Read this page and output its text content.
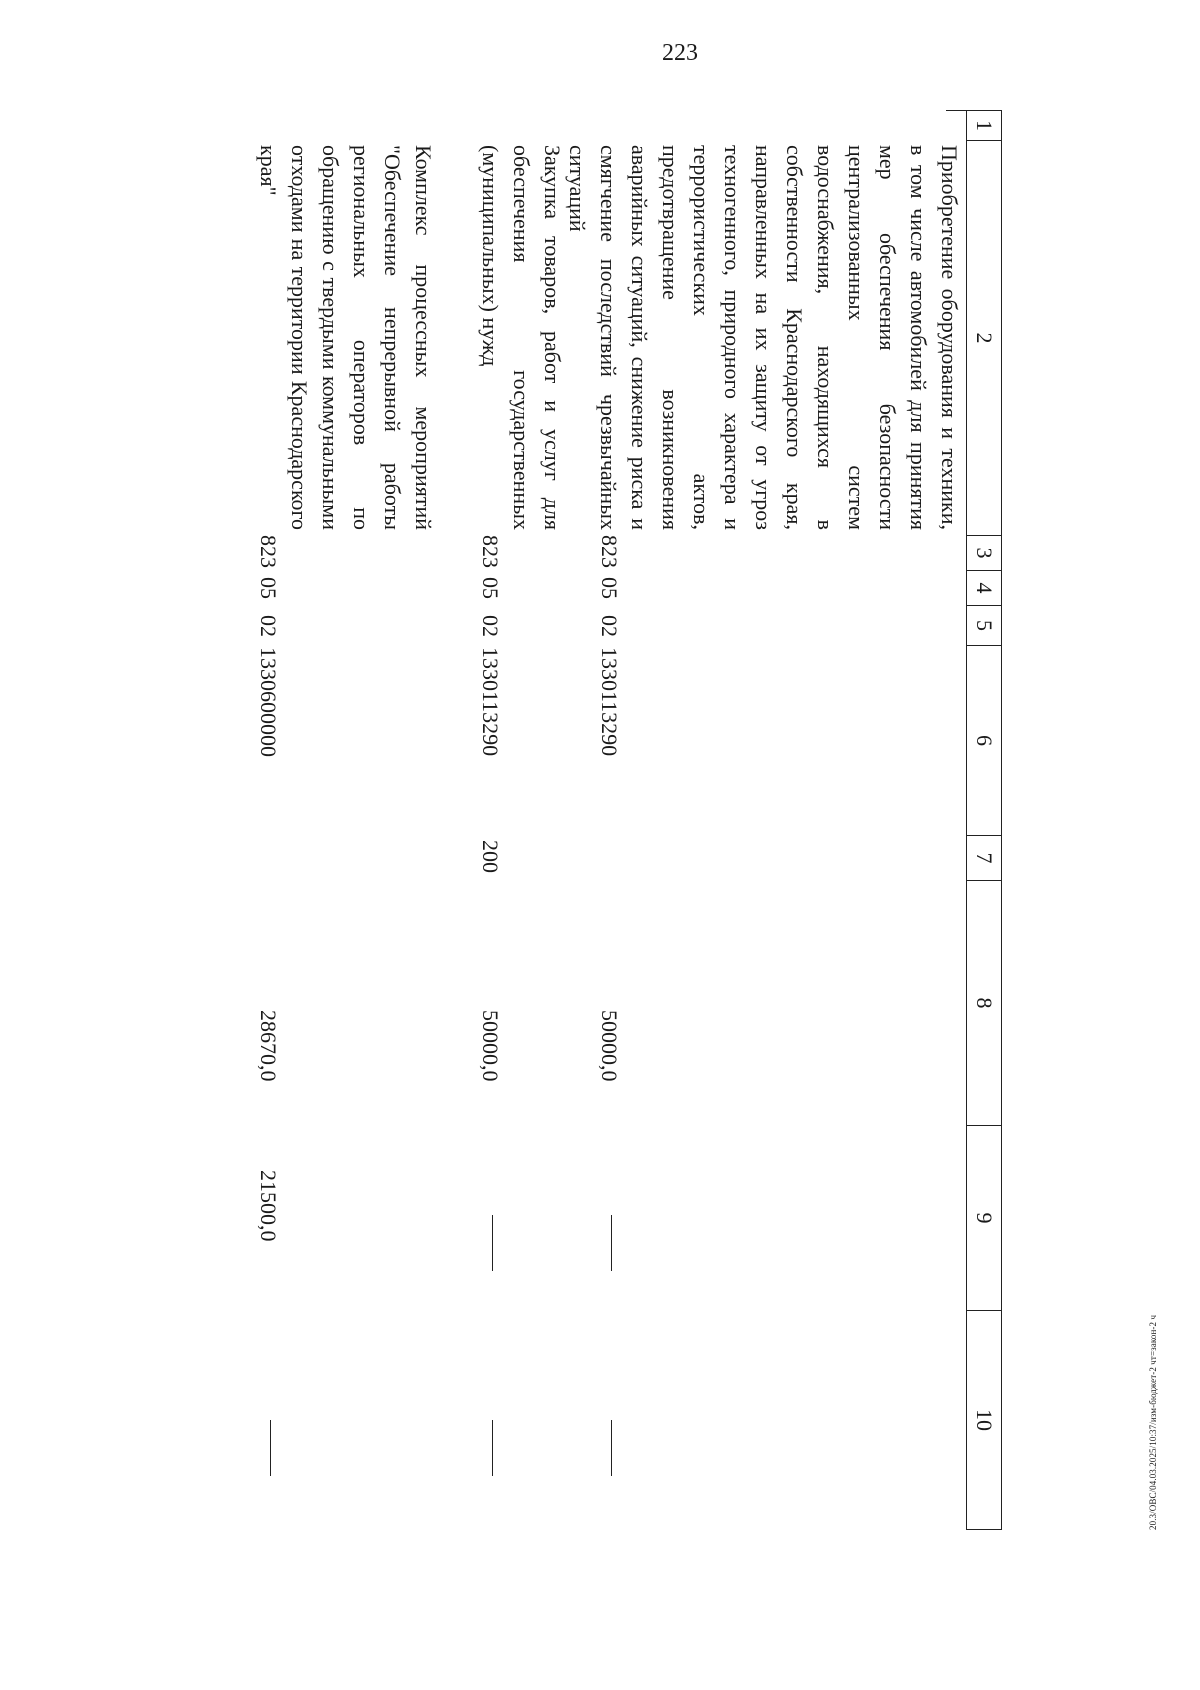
223
20.3/ОВС/04.03.2025/10:37/изм-бюджет-2 чт=закон-2 ч
1
2
3
4
5
6
7
8
9
10
Приобретение оборудования и техники, в том числе автомобилей для принятия мер обеспечения безопасности централизованных систем водоснабжения, находящихся в собственности Краснодарского края, направленных на их защиту от угроз техногенного, природного характера и террористических актов, предотвращение возникновения аварийных ситуаций, снижение риска и смягчение последствий чрезвычайных ситуаций
823
05
02
1330113290
50000,0
Закупка товаров, работ и услуг для обеспечения государственных (муниципальных) нужд
823
05
02
1330113290
200
50000,0
Комплекс процессных мероприятий "Обеспечение непрерывной работы региональных операторов по обращению с твердыми коммунальными отходами на территории Краснодарского края"
823
05
02
1330600000
28670,0
21500,0
